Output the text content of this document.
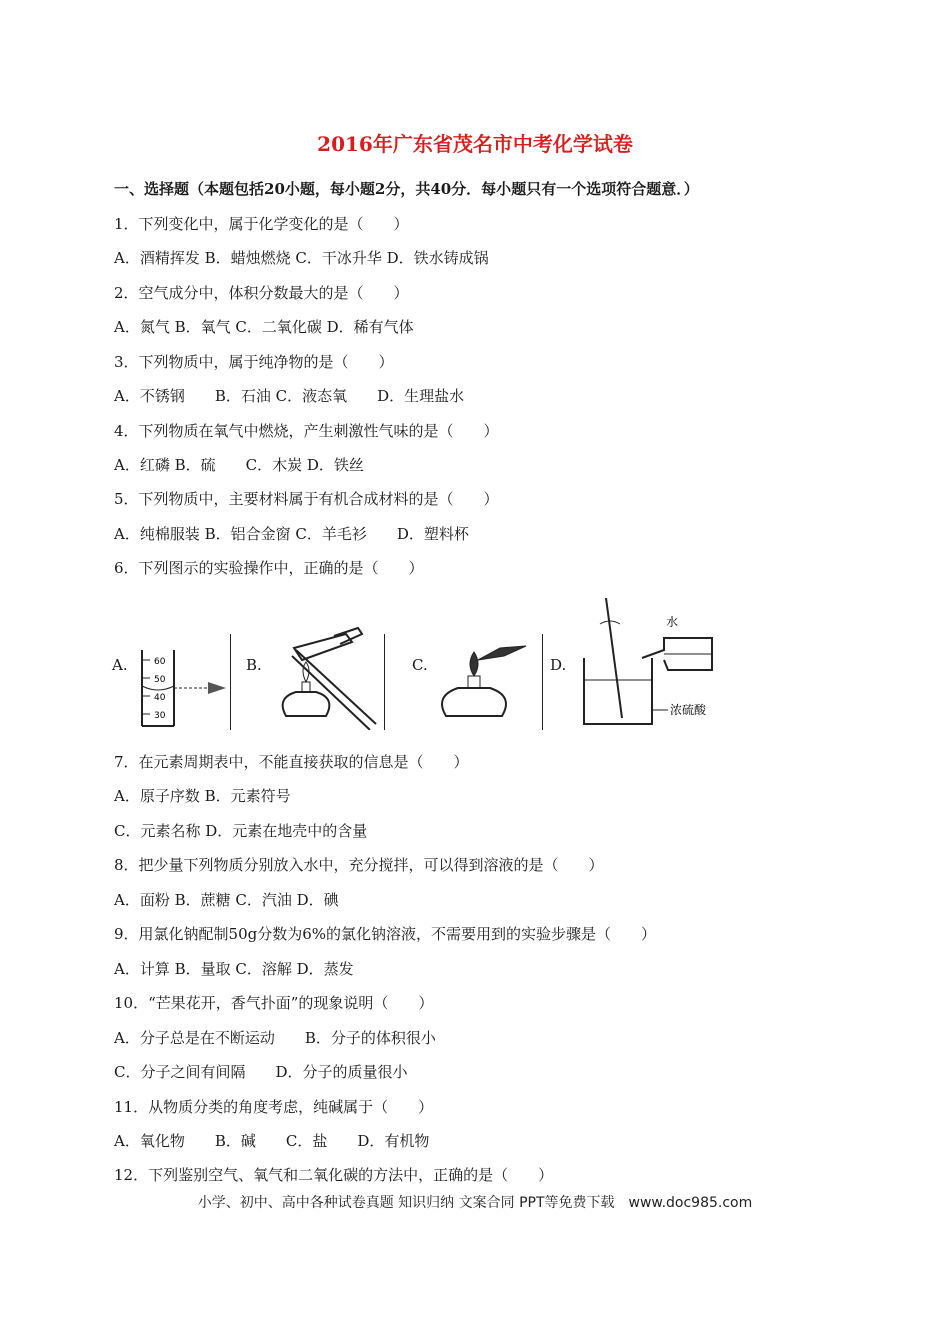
2016年广东省茂名市中考化学试卷
一、选择题（本题包括20小题，每小题2分，共40分．每小题只有一个选项符合题意．）
1．下列变化中，属于化学变化的是（　　）
A．酒精挥发 B．蜡烛燃烧 C．干冰升华 D．铁水铸成锅
2．空气成分中，体积分数最大的是（　　）
A．氮气 B．氧气 C．二氧化碳 D．稀有气体
3．下列物质中，属于纯净物的是（　　）
A．不锈钢　　B．石油 C．液态氧　　D．生理盐水
4．下列物质在氧气中燃烧，产生刺激性气味的是（　　）
A．红磷 B．硫　　C．木炭 D．铁丝
5．下列物质中，主要材料属于有机合成材料的是（　　）
A．纯棉服装 B．铝合金窗 C．羊毛衫　　D．塑料杯
6．下列图示的实验操作中，正确的是（　　）
A.	60
50
40
30
B.	C.	D.
水
浓硫酸
7．在元素周期表中，不能直接获取的信息是（　　）
A．原子序数 B．元素符号
C．元素名称 D．元素在地壳中的含量
8．把少量下列物质分别放入水中，充分搅拌，可以得到溶液的是（　　）
A．面粉 B．蔗糖 C．汽油 D．碘
9．用氯化钠配制50g分数为6%的氯化钠溶液，不需要用到的实验步骤是（　　）
A．计算 B．量取 C．溶解 D．蒸发
10．“芒果花开，香气扑面”的现象说明（　　）
A．分子总是在不断运动　　B．分子的体积很小
C．分子之间有间隔　　D．分子的质量很小
11．从物质分类的角度考虑，纯碱属于（　　）
A．氧化物　　B．碱　　C．盐　　D．有机物
12．下列鉴别空气、氧气和二氧化碳的方法中，正确的是（　　）
小学、初中、高中各种试卷真题 知识归纳 文案合同 PPT等免费下载　www.doc985.com
